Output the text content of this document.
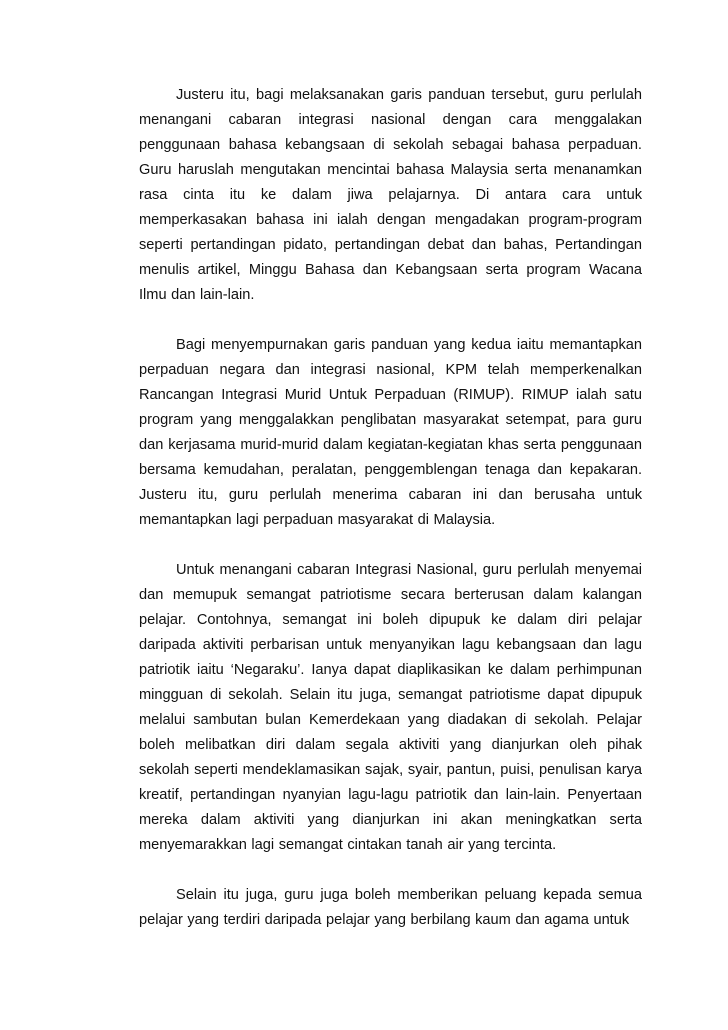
Justeru itu, bagi melaksanakan garis panduan tersebut, guru perlulah menangani cabaran integrasi nasional dengan cara menggalakan penggunaan bahasa kebangsaan di sekolah sebagai bahasa perpaduan. Guru haruslah mengutakan mencintai bahasa Malaysia serta menanamkan rasa cinta itu ke dalam jiwa pelajarnya. Di antara cara untuk memperkasakan bahasa ini ialah dengan mengadakan program-program seperti pertandingan pidato, pertandingan debat dan bahas, Pertandingan menulis artikel, Minggu Bahasa dan Kebangsaan serta program Wacana Ilmu dan lain-lain.

Bagi menyempurnakan garis panduan yang kedua iaitu memantapkan perpaduan negara dan integrasi nasional, KPM telah memperkenalkan Rancangan Integrasi Murid Untuk Perpaduan (RIMUP). RIMUP ialah satu program yang menggalakkan penglibatan masyarakat setempat, para guru dan kerjasama murid-murid dalam kegiatan-kegiatan khas serta penggunaan bersama kemudahan, peralatan, penggemblengan tenaga dan kepakaran. Justeru itu, guru perlulah menerima cabaran ini dan berusaha untuk memantapkan lagi perpaduan masyarakat di Malaysia.

Untuk menangani cabaran Integrasi Nasional, guru perlulah menyemai dan memupuk semangat patriotisme secara berterusan dalam kalangan pelajar. Contohnya, semangat ini boleh dipupuk ke dalam diri pelajar daripada aktiviti perbarisan untuk menyanyikan lagu kebangsaan dan lagu patriotik iaitu ‘Negaraku’. Ianya dapat diaplikasikan ke dalam perhimpunan mingguan di sekolah. Selain itu juga, semangat patriotisme dapat dipupuk melalui sambutan bulan Kemerdekaan yang diadakan di sekolah. Pelajar boleh melibatkan diri dalam segala aktiviti yang dianjurkan oleh pihak sekolah seperti mendeklamasikan sajak, syair, pantun, puisi, penulisan karya kreatif, pertandingan nyanyian lagu-lagu patriotik dan lain-lain. Penyertaan mereka dalam aktiviti yang dianjurkan ini akan meningkatkan serta menyemarakkan lagi semangat cintakan tanah air yang tercinta.

Selain itu juga, guru juga boleh memberikan peluang kepada semua pelajar yang terdiri daripada pelajar yang berbilang kaum dan agama untuk
